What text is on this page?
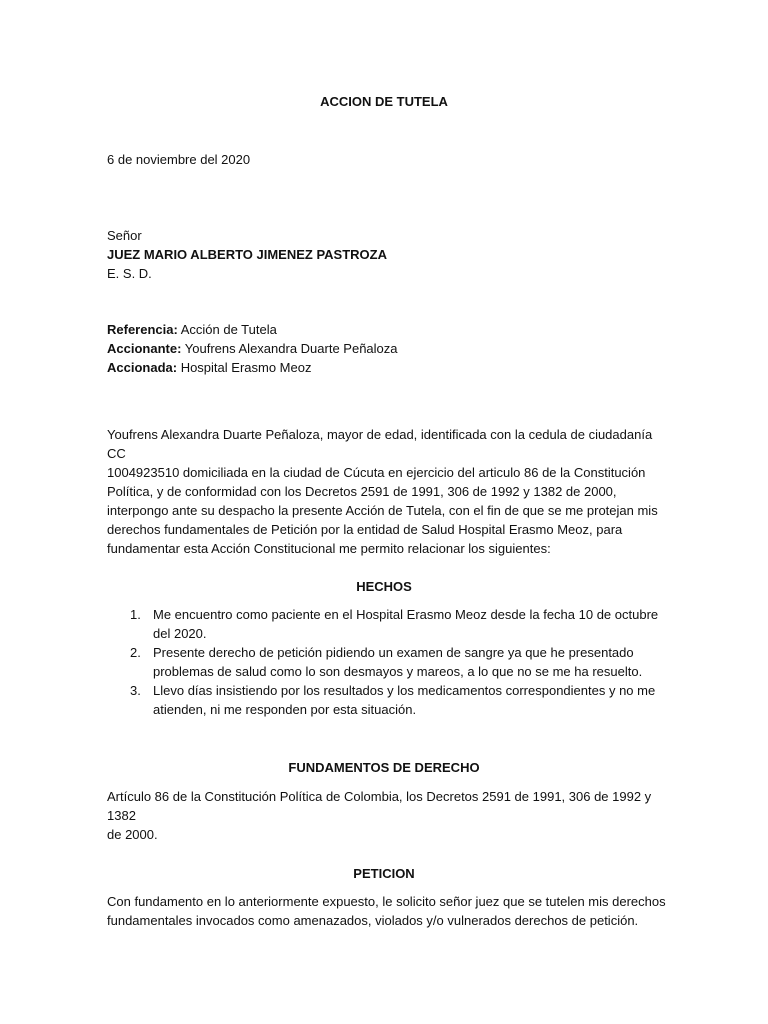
ACCION DE TUTELA
6 de noviembre del 2020
Señor
JUEZ MARIO ALBERTO JIMENEZ PASTROZA
E. S. D.
Referencia: Acción de Tutela
Accionante: Youfrens Alexandra Duarte Peñaloza
Accionada: Hospital Erasmo Meoz
Youfrens Alexandra Duarte Peñaloza, mayor de edad, identificada con la cedula de ciudadanía CC
1004923510 domiciliada en la ciudad de Cúcuta en ejercicio del articulo 86 de la Constitución
Política, y de conformidad con los Decretos 2591 de 1991, 306 de 1992 y 1382 de 2000,
interpongo ante su despacho la presente Acción de Tutela, con el fin de que se me protejan mis
derechos fundamentales de Petición por la entidad de Salud Hospital Erasmo Meoz, para
fundamentar esta Acción Constitucional me permito relacionar los siguientes:
HECHOS
1. Me encuentro como paciente en el Hospital Erasmo Meoz desde la fecha 10 de octubre
del 2020.
2. Presente derecho de petición pidiendo un examen de sangre ya que he presentado
problemas de salud como lo son desmayos y mareos, a lo que no se me ha resuelto.
3. Llevo días insistiendo por los resultados y los medicamentos correspondientes y no me
atienden, ni me responden por esta situación.
FUNDAMENTOS DE DERECHO
Artículo 86 de la Constitución Política de Colombia, los Decretos 2591 de 1991, 306 de 1992 y 1382
de 2000.
PETICION
Con fundamento en lo anteriormente expuesto, le solicito señor juez que se tutelen mis derechos
fundamentales invocados como amenazados, violados y/o vulnerados derechos de petición.
